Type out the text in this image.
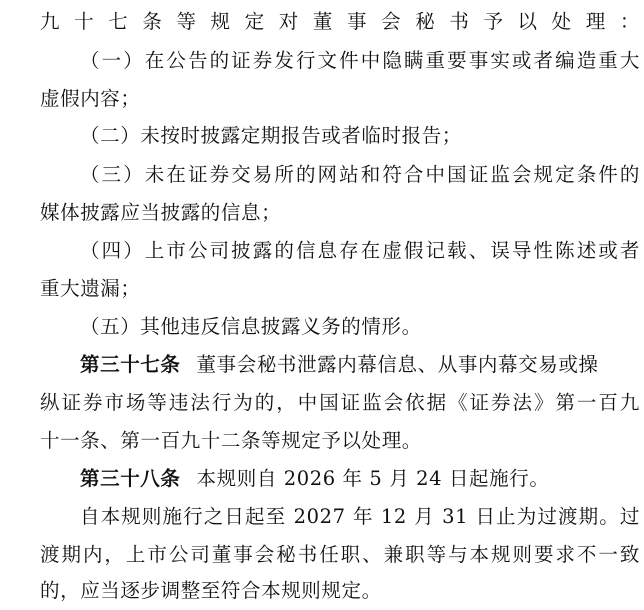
九十七条等规定对董事会秘书予以处理：
（一）在公告的证券发行文件中隐瞒重要事实或者编造重大
虚假内容；
（二）未按时披露定期报告或者临时报告；
（三）未在证券交易所的网站和符合中国证监会规定条件的
媒体披露应当披露的信息；
（四）上市公司披露的信息存在虚假记载、误导性陈述或者
重大遗漏；
（五）其他违反信息披露义务的情形。
第三十七条 董事会秘书泄露内幕信息、从事内幕交易或操
纵证券市场等违法行为的，中国证监会依据《证券法》第一百九
十一条、第一百九十二条等规定予以处理。
第三十八条 本规则自 2026 年 5 月 24 日起施行。
自本规则施行之日起至 2027 年 12 月 31 日止为过渡期。过
渡期内，上市公司董事会秘书任职、兼职等与本规则要求不一致
的，应当逐步调整至符合本规则规定。
